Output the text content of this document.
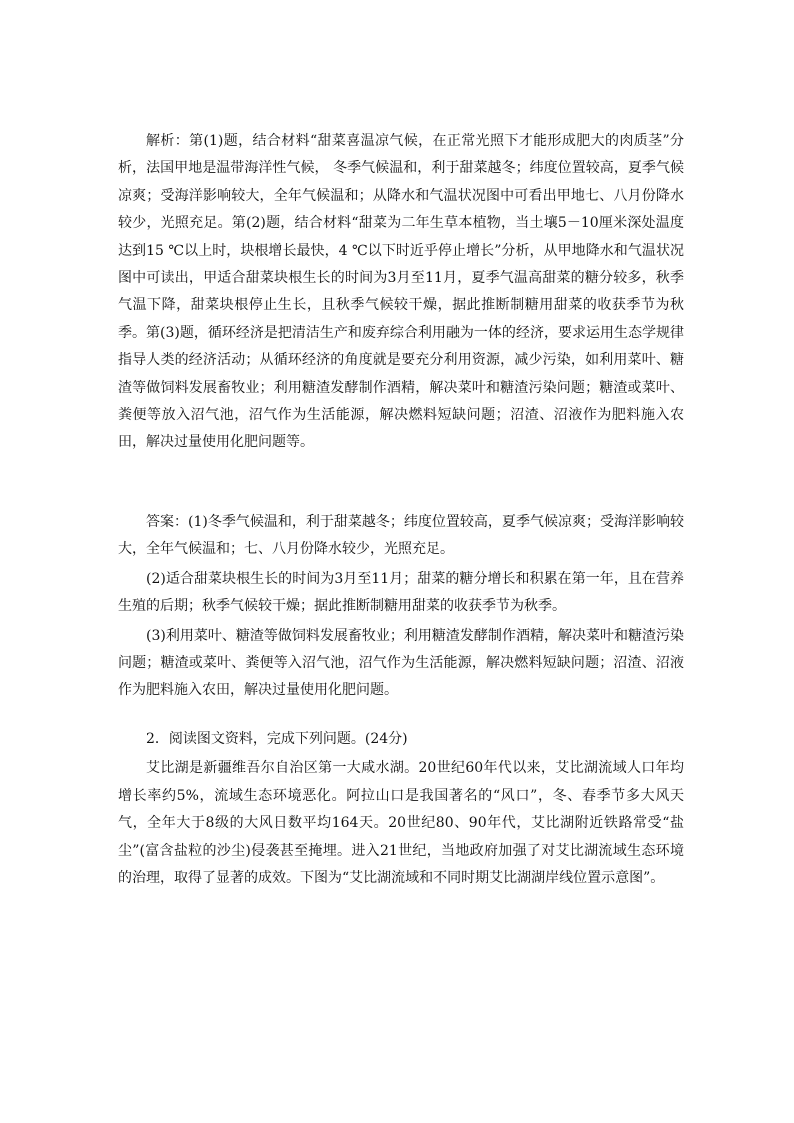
解析：第(1)题，结合材料“甜菜喜温凉气候，在正常光照下才能形成肥大的肉质茎”分析，法国甲地是温带海洋性气候， 冬季气候温和，利于甜菜越冬；纬度位置较高，夏季气候凉爽；受海洋影响较大，全年气候温和；从降水和气温状况图中可看出甲地七、八月份降水较少，光照充足。第(2)题，结合材料“甜菜为二年生草本植物，当土壤5－10厘米深处温度达到15 ℃以上时，块根增长最快，4 ℃以下时近乎停止增长”分析，从甲地降水和气温状况图中可读出，甲适合甜菜块根生长的时间为3月至11月，夏季气温高甜菜的糖分较多，秋季气温下降，甜菜块根停止生长，且秋季气候较干燥，据此推断制糖用甜菜的收获季节为秋季。第(3)题，循环经济是把清洁生产和废弃综合利用融为一体的经济，要求运用生态学规律指导人类的经济活动；从循环经济的角度就是要充分利用资源，减少污染，如利用菜叶、糖渣等做饲料发展畜牧业；利用糖渣发酵制作酒精，解决菜叶和糖渣污染问题；糖渣或菜叶、粪便等放入沼气池，沼气作为生活能源，解决燃料短缺问题；沼渣、沼液作为肥料施入农田，解决过量使用化肥问题等。

答案：(1)冬季气候温和，利于甜菜越冬；纬度位置较高，夏季气候凉爽；受海洋影响较大，全年气候温和；七、八月份降水较少，光照充足。

(2)适合甜菜块根生长的时间为3月至11月；甜菜的糖分增长和积累在第一年，且在营养生殖的后期；秋季气候较干燥；据此推断制糖用甜菜的收获季节为秋季。

(3)利用菜叶、糖渣等做饲料发展畜牧业；利用糖渣发酵制作酒精，解决菜叶和糖渣污染问题；糖渣或菜叶、粪便等入沼气池，沼气作为生活能源，解决燃料短缺问题；沼渣、沼液作为肥料施入农田，解决过量使用化肥问题。

2．阅读图文资料，完成下列问题。(24分)

艾比湖是新疆维吾尔自治区第一大咸水湖。20世纪60年代以来，艾比湖流域人口年均增长率约5%，流域生态环境恶化。阿拉山口是我国著名的“风口”，冬、春季节多大风天气，全年大于8级的大风日数平均164天。20世纪80、90年代，艾比湖附近铁路常受“盐尘”(富含盐粒的沙尘)侵袭甚至掩埋。进入21世纪，当地政府加强了对艾比湖流域生态环境的治理，取得了显著的成效。下图为“艾比湖流域和不同时期艾比湖湖岸线位置示意图”。
